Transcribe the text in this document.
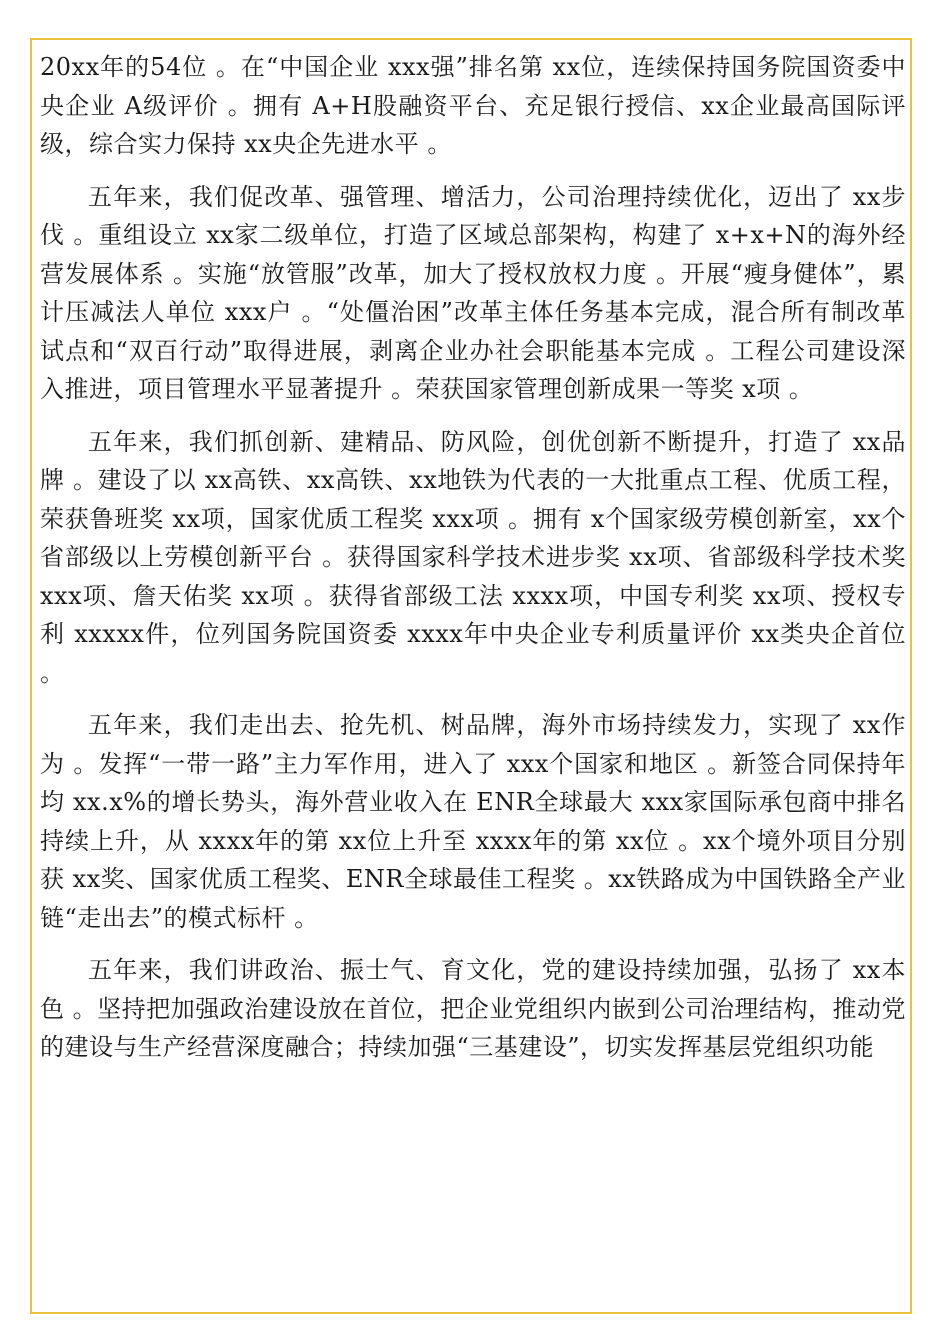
20xx年的54位 。在“中国企业 xxx强”排名第 xx位，连续保持国务院国资委中央企业 A级评价 。拥有 A+H股融资平台、充足银行授信、xx企业最高国际评级，综合实力保持 xx央企先进水平 。

五年来，我们促改革、强管理、增活力，公司治理持续优化，迈出了 xx步伐 。重组设立 xx家二级单位，打造了区域总部架构，构建了 x+x+N的海外经营发展体系 。实施“放管服”改革，加大了授权放权力度 。开展“瘦身健体”，累计压减法人单位 xxx户 。“处僵治困”改革主体任务基本完成，混合所有制改革试点和“双百行动”取得进展，剥离企业办社会职能基本完成 。工程公司建设深入推进，项目管理水平显著提升 。荣获国家管理创新成果一等奖 x项 。

五年来，我们抓创新、建精品、防风险，创优创新不断提升，打造了 xx品牌 。建设了以 xx高铁、xx高铁、xx地铁为代表的一大批重点工程、优质工程，荣获鲁班奖 xx项，国家优质工程奖 xxx项 。拥有 x个国家级劳模创新室，xx个省部级以上劳模创新平台 。获得国家科学技术进步奖 xx项、省部级科学技术奖 xxx项、詹天佑奖 xx项 。获得省部级工法 xxxx项，中国专利奖 xx项、授权专利 xxxxx件，位列国务院国资委 xxxx年中央企业专利质量评价 xx类央企首位 。

五年来，我们走出去、抢先机、树品牌，海外市场持续发力，实现了 xx作为 。发挥“一带一路”主力军作用，进入了 xxx个国家和地区 。新签合同保持年均 xx.x%的增长势头，海外营业收入在 ENR全球最大 xxx家国际承包商中排名持续上升，从 xxxx年的第 xx位上升至 xxxx年的第 xx位 。xx个境外项目分别获 xx奖、国家优质工程奖、ENR全球最佳工程奖 。xx铁路成为中国铁路全产业链“走出去”的模式标杆 。

五年来，我们讲政治、振士气、育文化，党的建设持续加强，弘扬了 xx本色 。坚持把加强政治建设放在首位，把企业党组织内嵌到公司治理结构，推动党的建设与生产经营深度融合；持续加强“三基建设”，切实发挥基层党组织功能
